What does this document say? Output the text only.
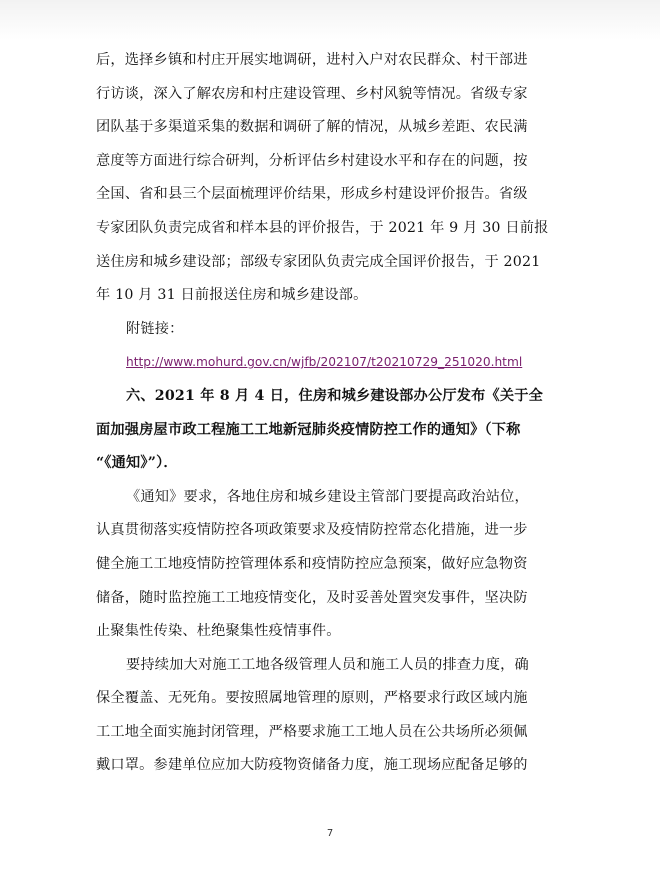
后，选择乡镇和村庄开展实地调研，进村入户对农民群众、村干部进

行访谈，深入了解农房和村庄建设管理、乡村风貌等情况。省级专家

团队基于多渠道采集的数据和调研了解的情况，从城乡差距、农民满

意度等方面进行综合研判，分析评估乡村建设水平和存在的问题，按

全国、省和县三个层面梳理评价结果，形成乡村建设评价报告。省级

专家团队负责完成省和样本县的评价报告，于 2021 年 9 月 30 日前报

送住房和城乡建设部；部级专家团队负责完成全国评价报告，于 2021

年 10 月 31 日前报送住房和城乡建设部。

附链接：

http://www.mohurd.gov.cn/wjfb/202107/t20210729_251020.html

六、2021 年 8 月 4 日，住房和城乡建设部办公厅发布《关于全

面加强房屋市政工程施工工地新冠肺炎疫情防控工作的通知》（下称

“《通知》”）．

《通知》要求，各地住房和城乡建设主管部门要提高政治站位，

认真贯彻落实疫情防控各项政策要求及疫情防控常态化措施，进一步

健全施工工地疫情防控管理体系和疫情防控应急预案，做好应急物资

储备，随时监控施工工地疫情变化，及时妥善处置突发事件，坚决防

止聚集性传染、杜绝聚集性疫情事件。

要持续加大对施工工地各级管理人员和施工人员的排查力度，确

保全覆盖、无死角。要按照属地管理的原则，严格要求行政区域内施

工工地全面实施封闭管理，严格要求施工工地人员在公共场所必须佩

戴口罩。参建单位应加大防疫物资储备力度，施工现场应配备足够的

7
